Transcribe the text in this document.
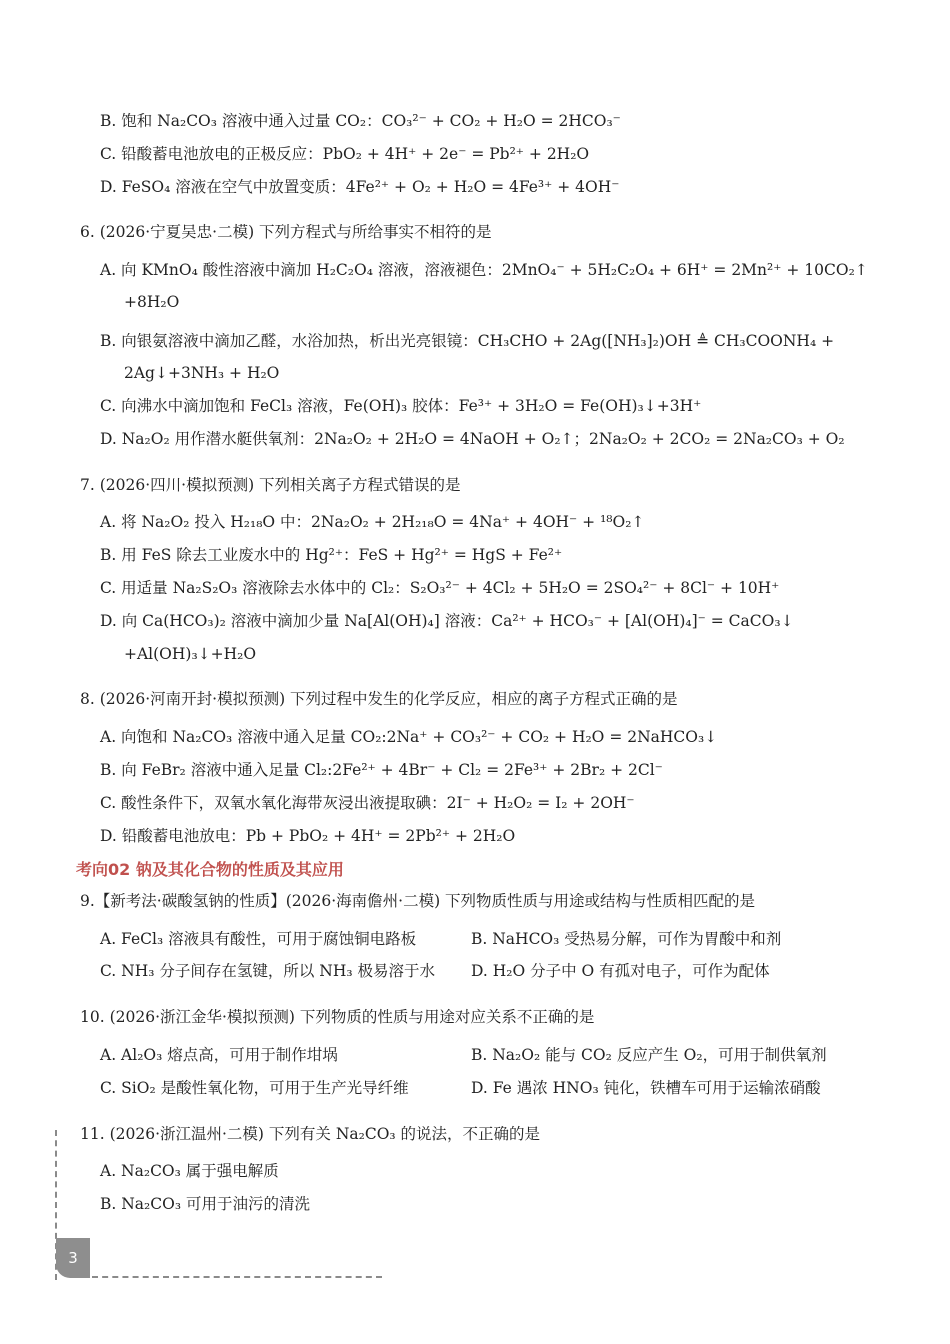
B. 饱和 Na₂CO₃ 溶液中通入过量 CO₂：CO₃²⁻ + CO₂ + H₂O = 2HCO₃⁻
C. 铅酸蓄电池放电的正极反应：PbO₂ + 4H⁺ + 2e⁻ = Pb²⁺ + 2H₂O
D. FeSO₄ 溶液在空气中放置变质：4Fe²⁺ + O₂ + H₂O = 4Fe³⁺ + 4OH⁻
6. (2026·宁夏吴忠·二模) 下列方程式与所给事实不相符的是
A. 向 KMnO₄ 酸性溶液中滴加 H₂C₂O₄ 溶液，溶液褪色：2MnO₄⁻ + 5H₂C₂O₄ + 6H⁺ = 2Mn²⁺ + 10CO₂↑
+8H₂O
B. 向银氨溶液中滴加乙醛，水浴加热，析出光亮银镜：CH₃CHO + 2Ag([NH₃]₂)OH ≜ CH₃COONH₄ +
2Ag↓+3NH₃ + H₂O
C. 向沸水中滴加饱和 FeCl₃ 溶液，Fe(OH)₃ 胶体：Fe³⁺ + 3H₂O = Fe(OH)₃↓+3H⁺
D. Na₂O₂ 用作潜水艇供氧剂：2Na₂O₂ + 2H₂O = 4NaOH + O₂↑；2Na₂O₂ + 2CO₂ = 2Na₂CO₃ + O₂
7. (2026·四川·模拟预测) 下列相关离子方程式错误的是
A. 将 Na₂O₂ 投入 H₂₁₈O 中：2Na₂O₂ + 2H₂₁₈O = 4Na⁺ + 4OH⁻ + ¹⁸O₂↑
B. 用 FeS 除去工业废水中的 Hg²⁺：FeS + Hg²⁺ = HgS + Fe²⁺
C. 用适量 Na₂S₂O₃ 溶液除去水体中的 Cl₂：S₂O₃²⁻ + 4Cl₂ + 5H₂O = 2SO₄²⁻ + 8Cl⁻ + 10H⁺
D. 向 Ca(HCO₃)₂ 溶液中滴加少量 Na[Al(OH)₄] 溶液：Ca²⁺ + HCO₃⁻ + [Al(OH)₄]⁻ = CaCO₃↓
+Al(OH)₃↓+H₂O
8. (2026·河南开封·模拟预测) 下列过程中发生的化学反应，相应的离子方程式正确的是
A. 向饱和 Na₂CO₃ 溶液中通入足量 CO₂:2Na⁺ + CO₃²⁻ + CO₂ + H₂O = 2NaHCO₃↓
B. 向 FeBr₂ 溶液中通入足量 Cl₂:2Fe²⁺ + 4Br⁻ + Cl₂ = 2Fe³⁺ + 2Br₂ + 2Cl⁻
C. 酸性条件下，双氧水氧化海带灰浸出液提取碘：2I⁻ + H₂O₂ = I₂ + 2OH⁻
D. 铅酸蓄电池放电：Pb + PbO₂ + 4H⁺ = 2Pb²⁺ + 2H₂O
9.【新考法·碳酸氢钠的性质】(2026·海南儋州·二模) 下列物质性质与用途或结构与性质相匹配的是
A. FeCl₃ 溶液具有酸性，可用于腐蚀铜电路板	B. NaHCO₃ 受热易分解，可作为胃酸中和剂
C. NH₃ 分子间存在氢键，所以 NH₃ 极易溶于水 D. H₂O 分子中 O 有孤对电子，可作为配体
10. (2026·浙江金华·模拟预测) 下列物质的性质与用途对应关系不正确的是
A. Al₂O₃ 熔点高，可用于制作坩埚	B. Na₂O₂ 能与 CO₂ 反应产生 O₂，可用于制供氧剂
C. SiO₂ 是酸性氧化物，可用于生产光导纤维	D. Fe 遇浓 HNO₃ 钝化，铁槽车可用于运输浓硝酸
11. (2026·浙江温州·二模) 下列有关 Na₂CO₃ 的说法，不正确的是
A. Na₂CO₃ 属于强电解质
B. Na₂CO₃ 可用于油污的清洗
考向02 钠及其化合物的性质及其应用
3
